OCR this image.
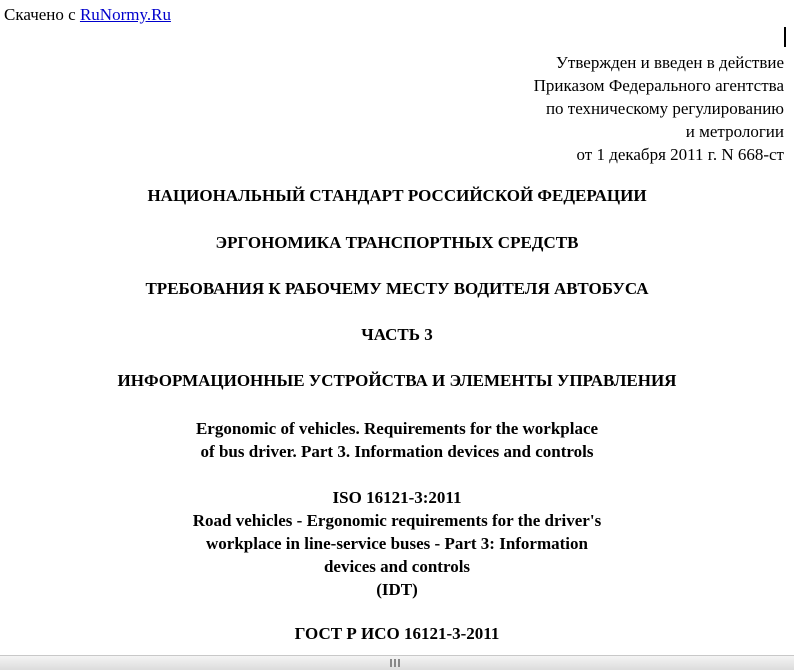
Скачено с RuNormy.Ru
Утвержден и введен в действие
Приказом Федерального агентства
по техническому регулированию
и метрологии
от 1 декабря 2011 г. N 668-ст
НАЦИОНАЛЬНЫЙ СТАНДАРТ РОССИЙСКОЙ ФЕДЕРАЦИИ
ЭРГОНОМИКА ТРАНСПОРТНЫХ СРЕДСТВ
ТРЕБОВАНИЯ К РАБОЧЕМУ МЕСТУ ВОДИТЕЛЯ АВТОБУСА
ЧАСТЬ 3
ИНФОРМАЦИОННЫЕ УСТРОЙСТВА И ЭЛЕМЕНТЫ УПРАВЛЕНИЯ
Ergonomic of vehicles. Requirements for the workplace
of bus driver. Part 3. Information devices and controls
ISO 16121-3:2011
Road vehicles - Ergonomic requirements for the driver's
workplace in line-service buses - Part 3: Information
devices and controls
(IDT)
ГОСТ Р ИСО 16121-3-2011
